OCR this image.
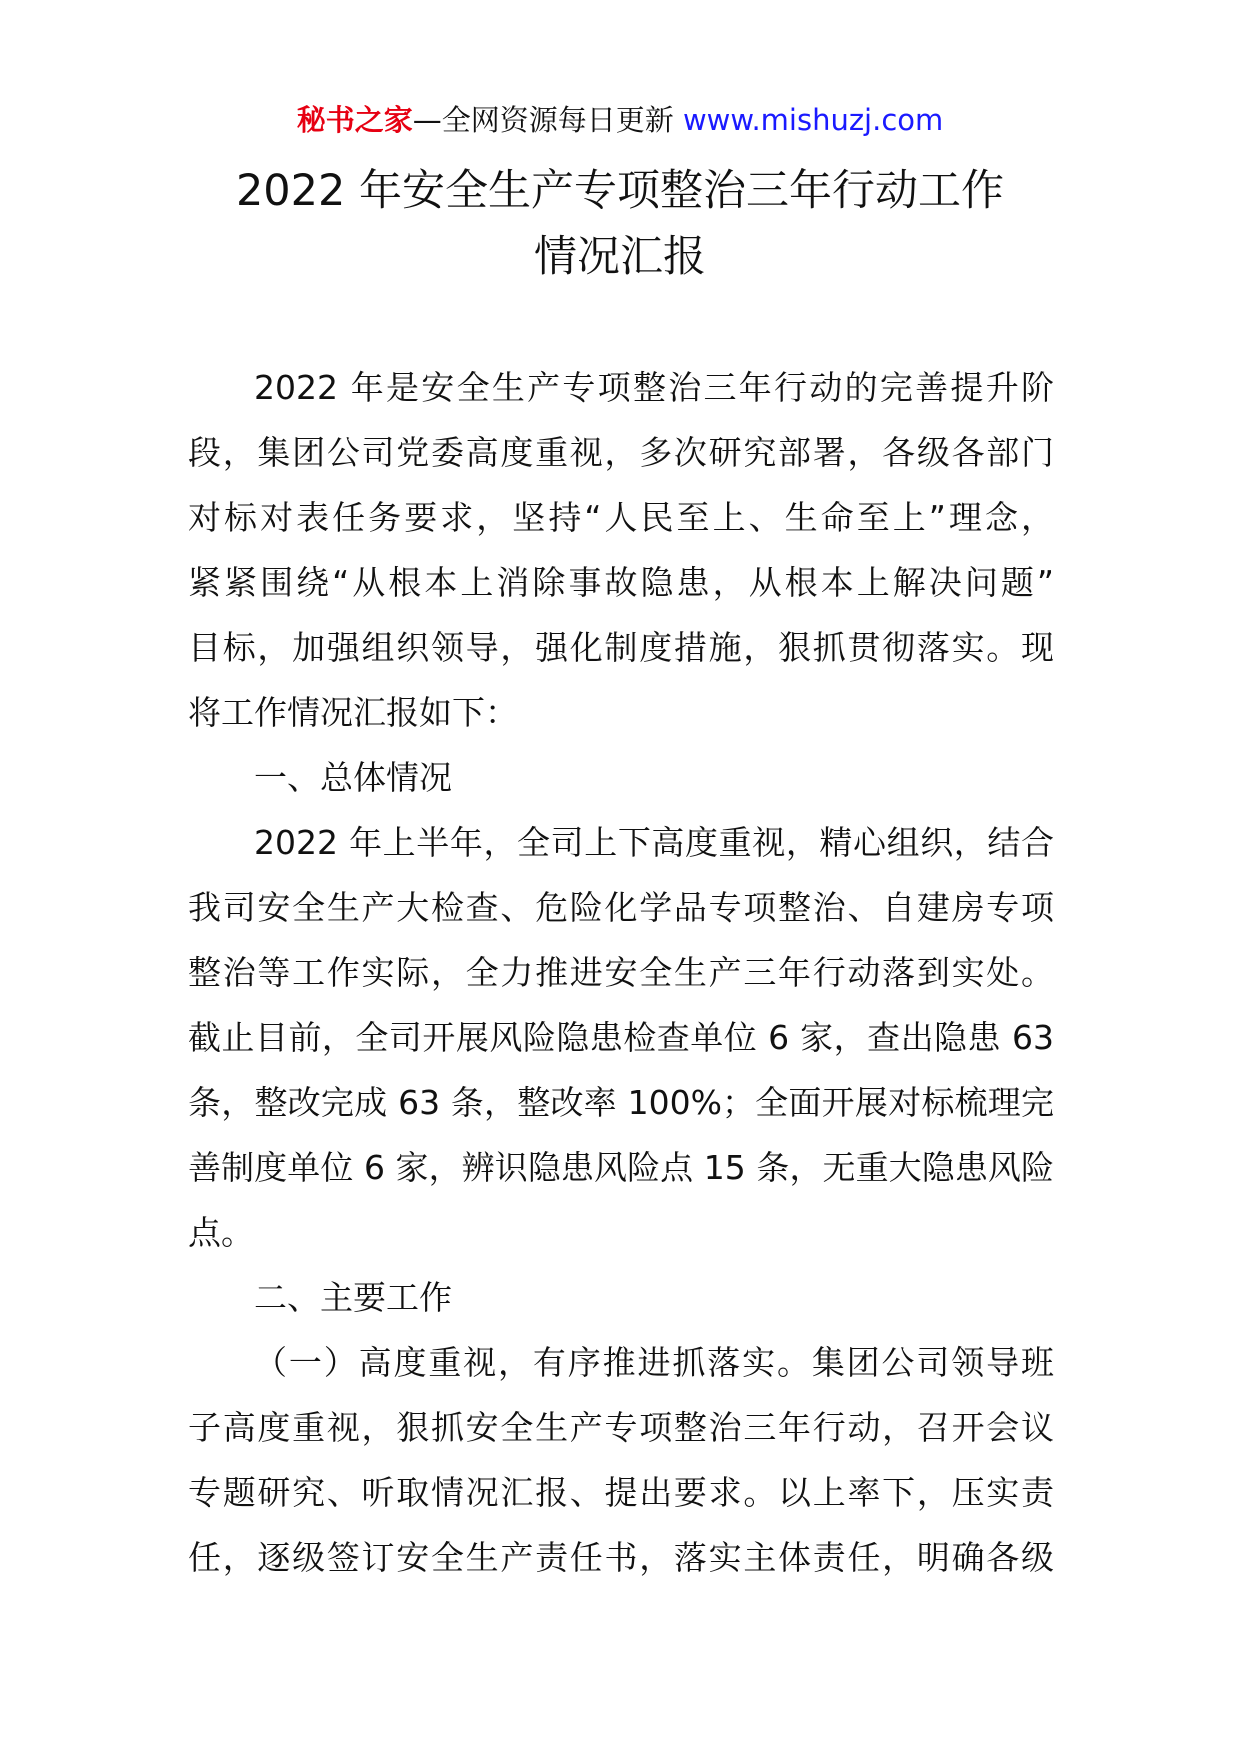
秘书之家—全网资源每日更新 www.mishuzj.com
2022 年安全生产专项整治三年行动工作
情况汇报
2022 年是安全生产专项整治三年行动的完善提升阶
段，集团公司党委高度重视，多次研究部署，各级各部门
对标对表任务要求，坚持“人民至上、生命至上”理念，
紧紧围绕“从根本上消除事故隐患，从根本上解决问题”
目标，加强组织领导，强化制度措施，狠抓贯彻落实。现
将工作情况汇报如下：
一、总体情况
2022 年上半年，全司上下高度重视，精心组织，结合
我司安全生产大检查、危险化学品专项整治、自建房专项
整治等工作实际，全力推进安全生产三年行动落到实处。
截止目前，全司开展风险隐患检查单位 6 家，查出隐患 63
条，整改完成 63 条，整改率 100%；全面开展对标梳理完
善制度单位 6 家，辨识隐患风险点 15 条，无重大隐患风险
点。
二、主要工作
（一）高度重视，有序推进抓落实。集团公司领导班
子高度重视，狠抓安全生产专项整治三年行动，召开会议
专题研究、听取情况汇报、提出要求。以上率下，压实责
任，逐级签订安全生产责任书，落实主体责任，明确各级
